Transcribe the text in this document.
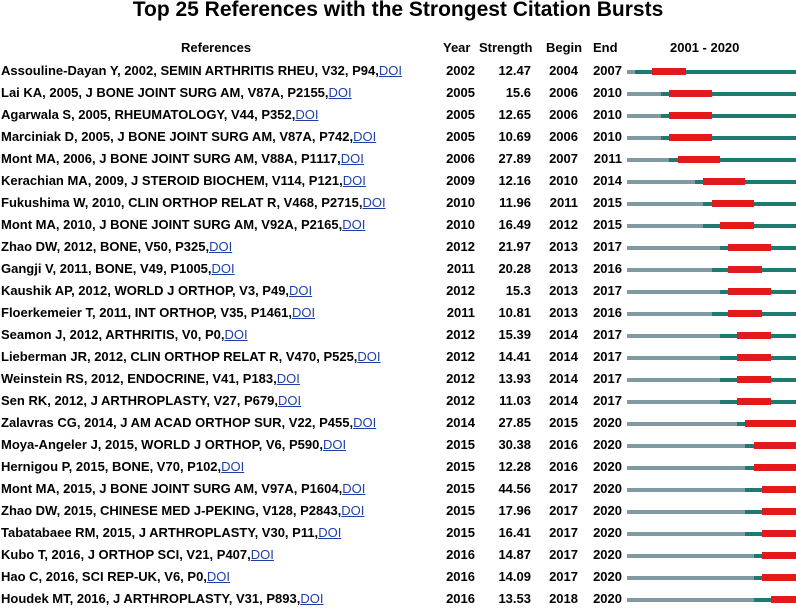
Top 25 References with the Strongest Citation Bursts
References	Year Strength Begin End	2001 - 2020
Assouline-Dayan Y, 2002, SEMIN ARTHRITIS RHEU, V32, P94,DOI	2002	12.47	2004	2007
Lai KA, 2005, J BONE JOINT SURG AM, V87A, P2155,DOI	2005	15.6	2006	2010
Agarwala S, 2005, RHEUMATOLOGY, V44, P352,DOI	2005	12.65	2006	2010
Marciniak D, 2005, J BONE JOINT SURG AM, V87A, P742,DOI	2005	10.69	2006	2010
Mont MA, 2006, J BONE JOINT SURG AM, V88A, P1117,DOI	2006	27.89	2007	2011
Kerachian MA, 2009, J STEROID BIOCHEM, V114, P121,DOI	2009	12.16	2010	2014
Fukushima W, 2010, CLIN ORTHOP RELAT R, V468, P2715,DOI	2010	11.96	2011	2015
Mont MA, 2010, J BONE JOINT SURG AM, V92A, P2165,DOI	2010	16.49	2012	2015
Zhao DW, 2012, BONE, V50, P325,DOI	2012	21.97	2013	2017
Gangji V, 2011, BONE, V49, P1005,DOI	2011	20.28	2013	2016
Kaushik AP, 2012, WORLD J ORTHOP, V3, P49,DOI	2012	15.3	2013	2017
Floerkemeier T, 2011, INT ORTHOP, V35, P1461,DOI	2011	10.81	2013	2016
Seamon J, 2012, ARTHRITIS, V0, P0,DOI	2012	15.39	2014	2017
Lieberman JR, 2012, CLIN ORTHOP RELAT R, V470, P525,DOI	2012	14.41	2014	2017
Weinstein RS, 2012, ENDOCRINE, V41, P183,DOI	2012	13.93	2014	2017
Sen RK, 2012, J ARTHROPLASTY, V27, P679,DOI	2012	11.03	2014	2017
Zalavras CG, 2014, J AM ACAD ORTHOP SUR, V22, P455,DOI	2014	27.85	2015	2020
Moya-Angeler J, 2015, WORLD J ORTHOP, V6, P590,DOI	2015	30.38	2016	2020
Hernigou P, 2015, BONE, V70, P102,DOI	2015	12.28	2016	2020
Mont MA, 2015, J BONE JOINT SURG AM, V97A, P1604,DOI	2015	44.56	2017	2020
Zhao DW, 2015, CHINESE MED J-PEKING, V128, P2843,DOI	2015	17.96	2017	2020
Tabatabaee RM, 2015, J ARTHROPLASTY, V30, P11,DOI	2015	16.41	2017	2020
Kubo T, 2016, J ORTHOP SCI, V21, P407,DOI	2016	14.87	2017	2020
Hao C, 2016, SCI REP-UK, V6, P0,DOI	2016	14.09	2017	2020
Houdek MT, 2016, J ARTHROPLASTY, V31, P893,DOI	2016	13.53	2018	2020
